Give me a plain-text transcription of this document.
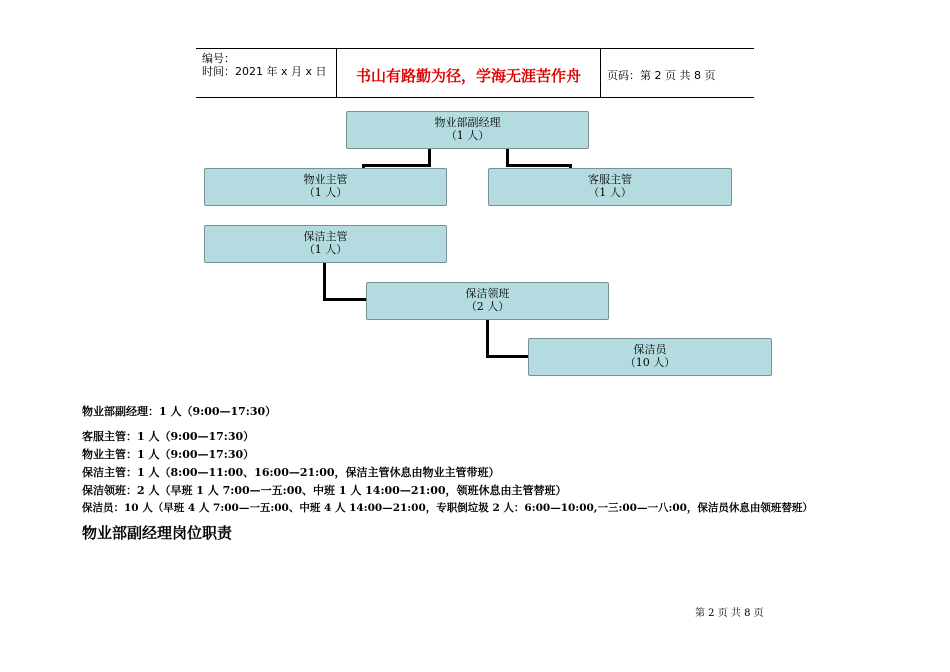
编号：
时间：2021 年 x 月 x 日	书山有路勤为径，学海无涯苦作舟	页码：第 2 页 共 8 页
物业部副经理
（1 人）
物业主管
（1 人）
客服主管
（1 人）
保洁主管
（1 人）
保洁领班
（2 人）
保洁员
（10 人）
物业部副经理：1 人（9:00—17:30）
客服主管：1 人（9:00—17:30）
物业主管：1 人（9:00—17:30）
保洁主管：1 人（8:00—11:00、16:00—21:00，保洁主管休息由物业主管带班）
保洁领班：2 人（早班 1 人 7:00—一五:00、中班 1 人 14:00—21:00，领班休息由主管替班）
保洁员：10 人（早班 4 人 7:00—一五:00、中班 4 人 14:00—21:00，专职倒垃圾 2 人：6:00—10:00,一三:00—一八:00，保洁员休息由领班替班）
物业部副经理岗位职责
第 2 页 共 8 页
